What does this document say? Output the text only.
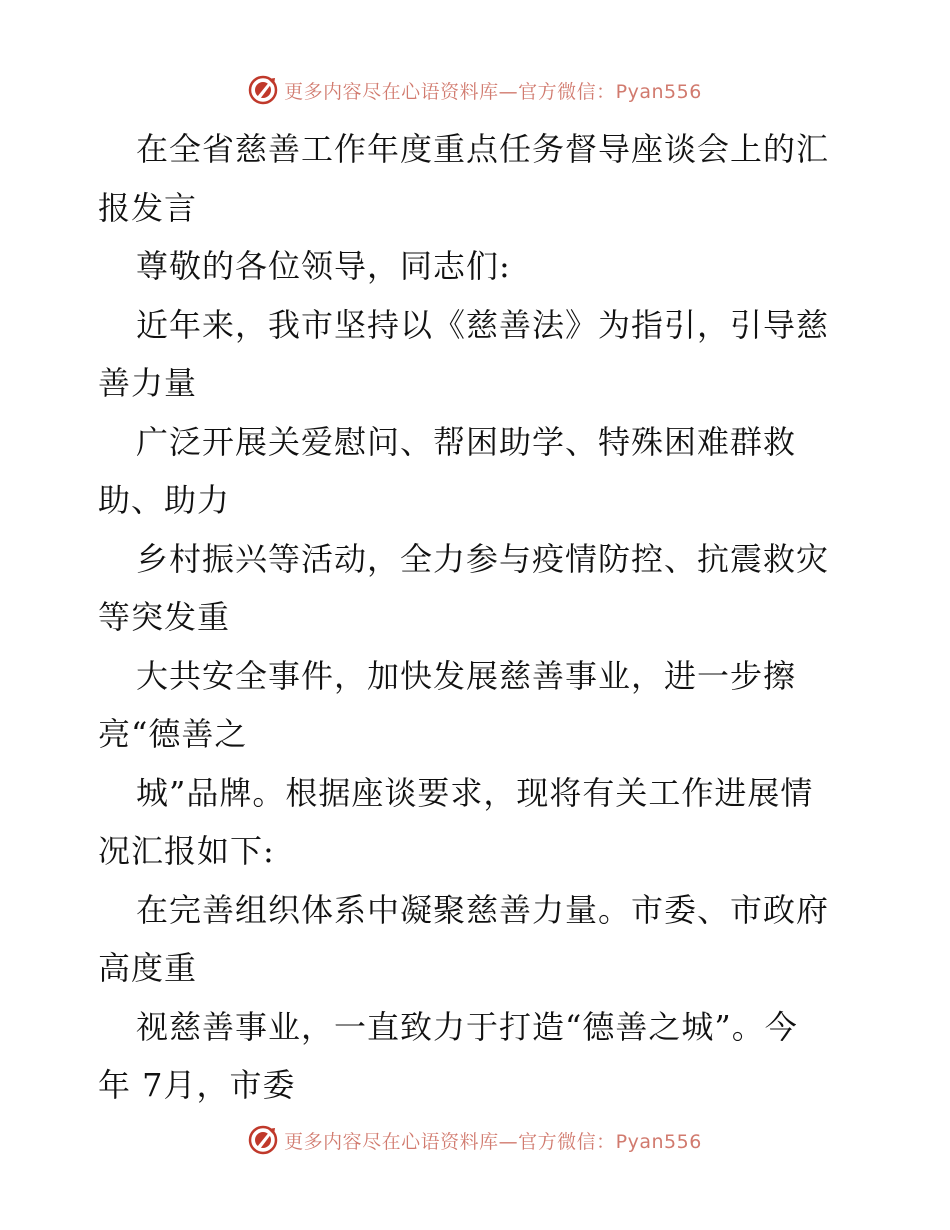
更多内容尽在心语资料库—官方微信：Pyan556
在全省慈善工作年度重点任务督导座谈会上的汇
报发言
尊敬的各位领导，同志们:
近年来，我市坚持以《慈善法》为指引，引导慈
善力量
广泛开展关爱慰问、帮困助学、特殊困难群救
助、助力
乡村振兴等活动，全力参与疫情防控、抗震救灾
等突发重
大共安全事件，加快发展慈善事业，进一步擦
亮“德善之
城”品牌。根据座谈要求，现将有关工作进展情
况汇报如下:
在完善组织体系中凝聚慈善力量。市委、市政府
高度重
视慈善事业，一直致力于打造“德善之城”。今
年 7月，市委
更多内容尽在心语资料库—官方微信：Pyan556
